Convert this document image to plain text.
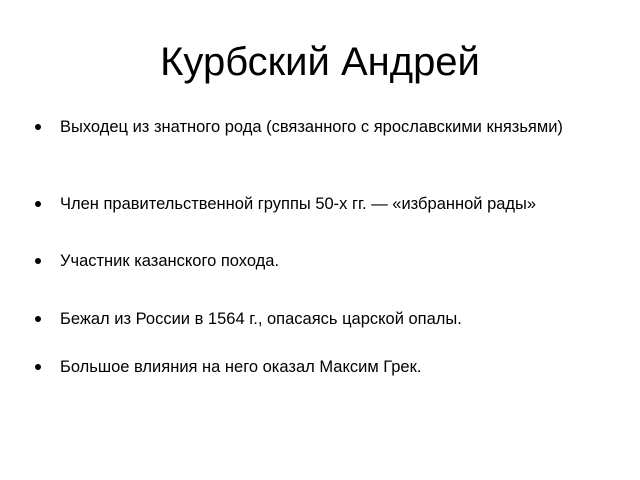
Курбский Андрей
Выходец из знатного рода (связанного с ярославскими князьями)
Член правительственной группы 50-х гг. — «избранной рады»
Участник казанского похода.
Бежал из России в 1564 г., опасаясь царской опалы.
Большое влияния на него оказал Максим Грек.
